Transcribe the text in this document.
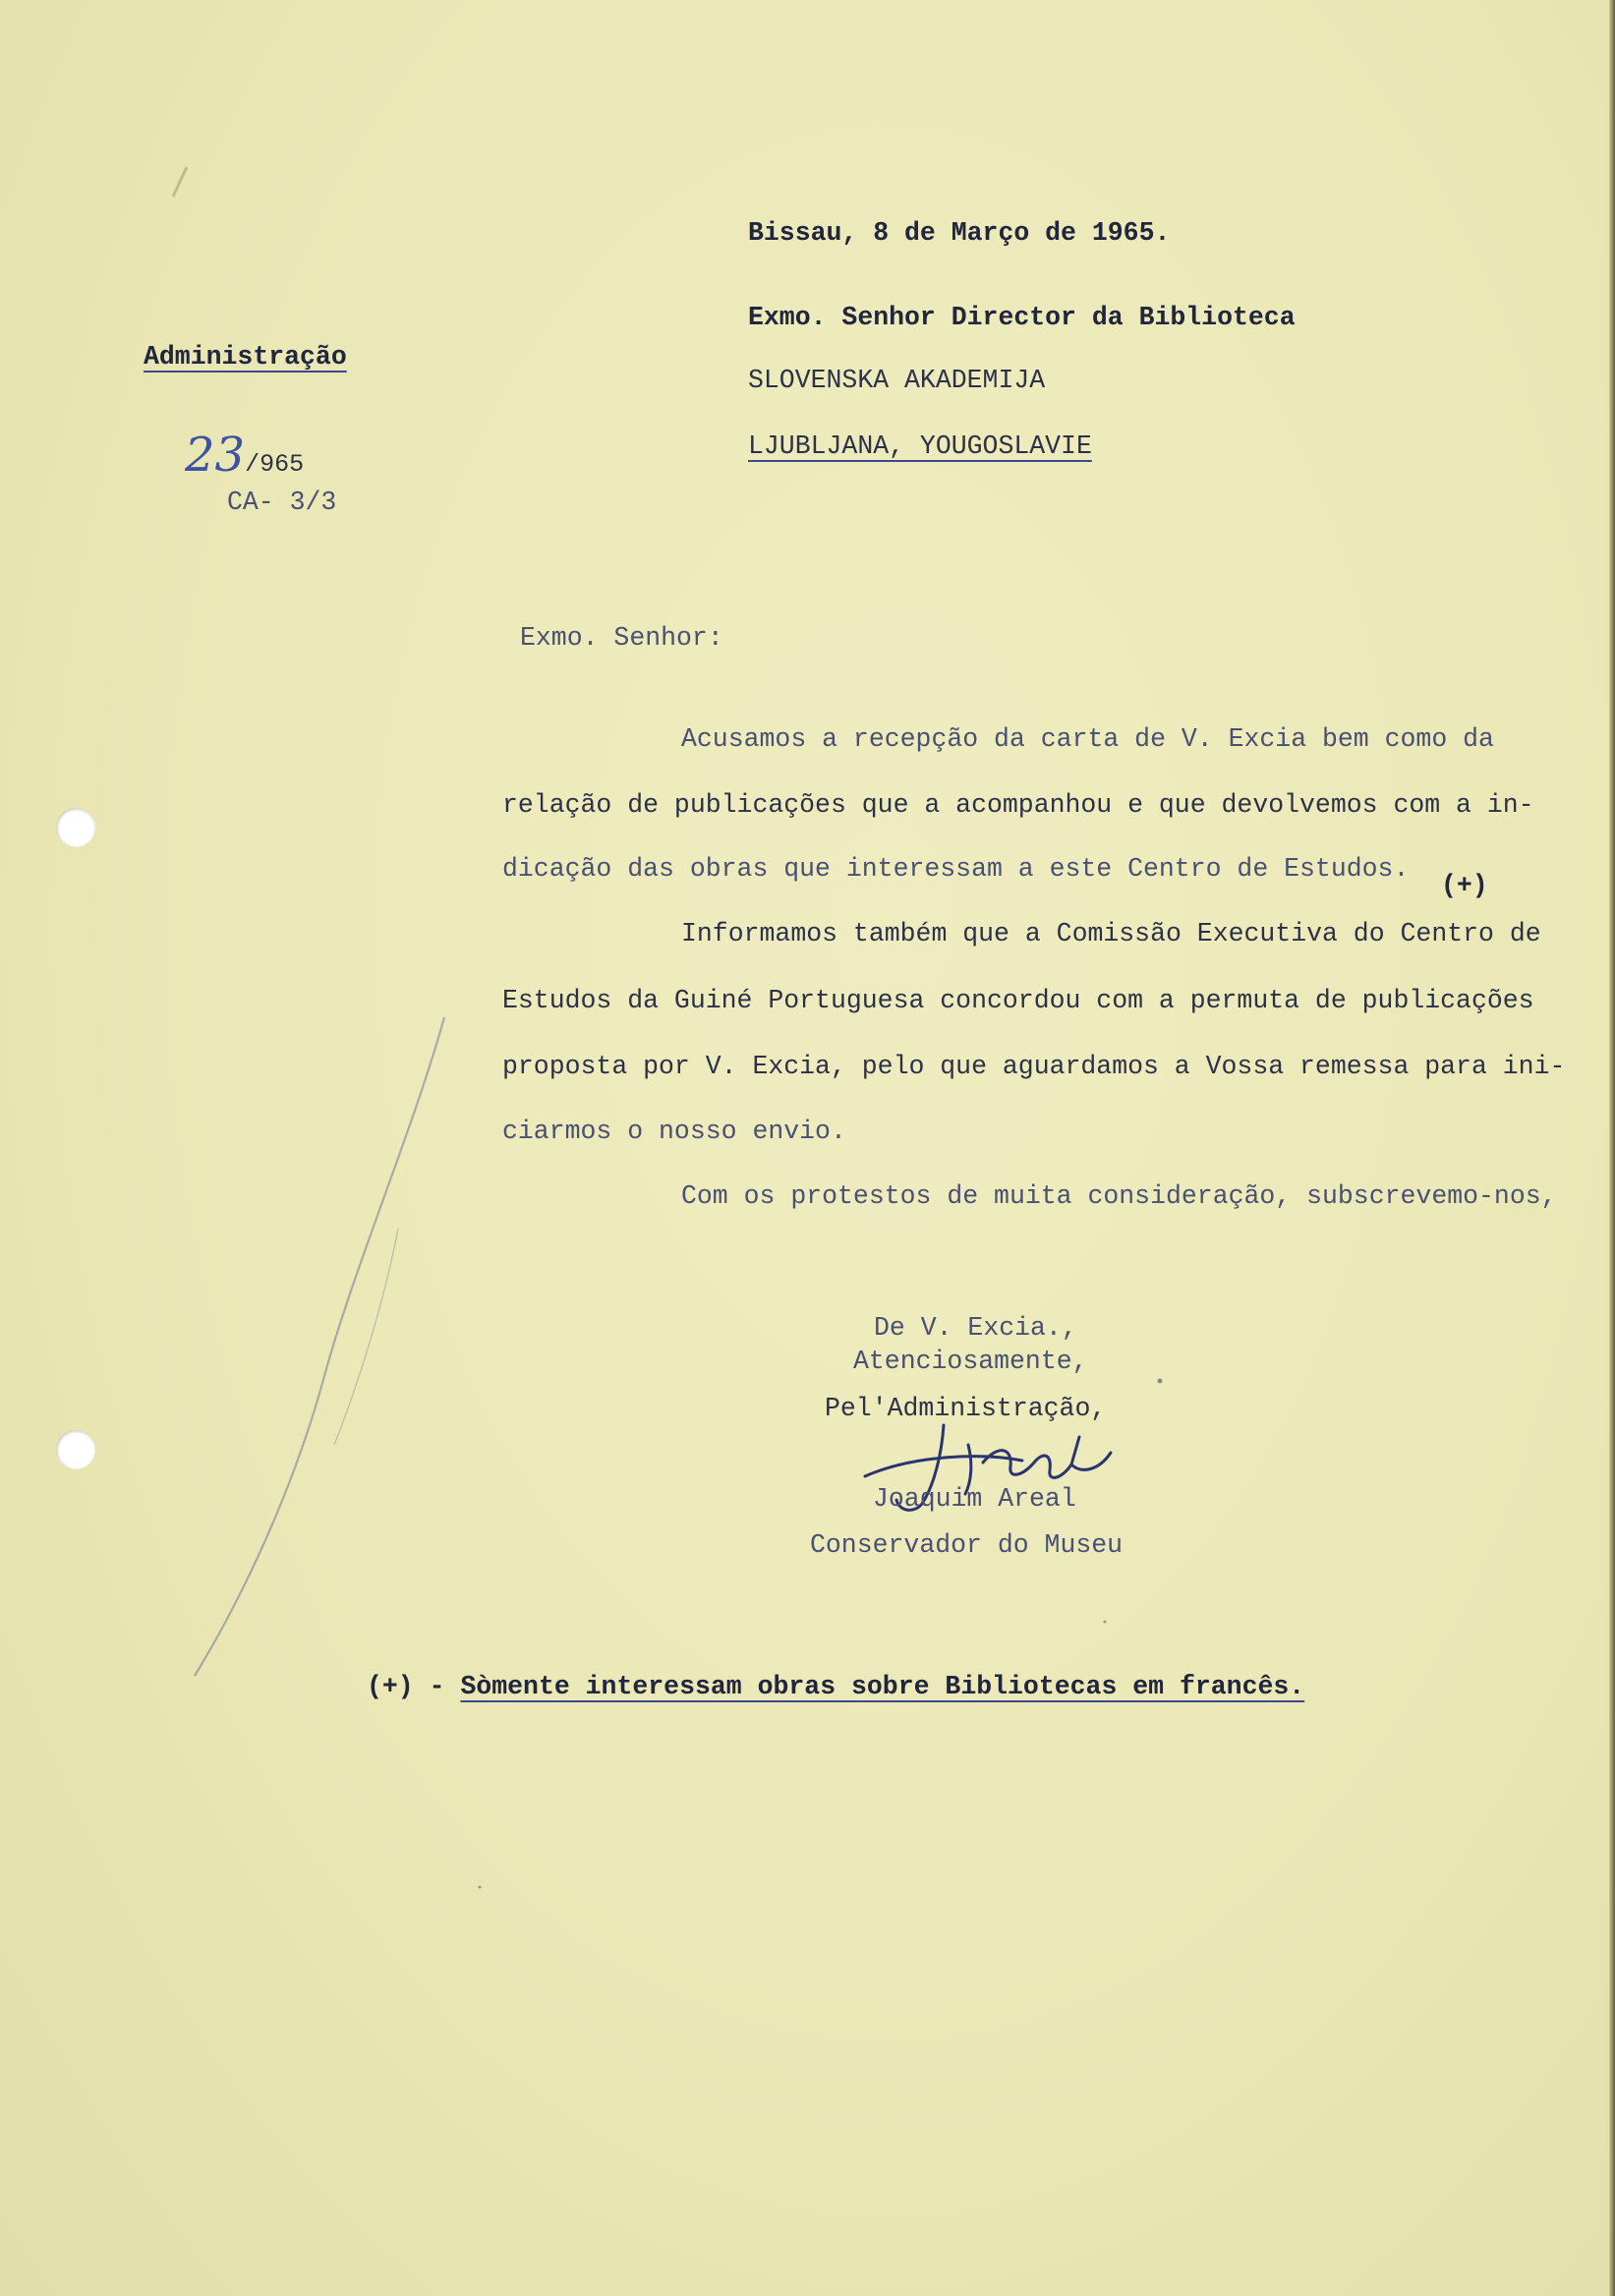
Administração

23/965

CA- 3/3
Bissau, 8 de Março de 1965.
Exmo. Senhor Director da Biblioteca
SLOVENSKA AKADEMIJA
LJUBLJANA, YOUGOSLAVIE
Exmo. Senhor:
Acusamos a recepção da carta de V. Excia bem como da
relação de publicações que a acompanhou e que devolvemos com a in-
dicação das obras que interessam a este Centro de Estudos.
(+)
Informamos também que a Comissão Executiva do Centro de
Estudos da Guiné Portuguesa concordou com a permuta de publicações
proposta por V. Excia, pelo que aguardamos a Vossa remessa para ini-
ciarmos o nosso envio.
Com os protestos de muita consideração, subscrevemo-nos,
De V. Excia.,
Atenciosamente,
Pel'Administração,
Joaquim Areal
Conservador do Museu

(+) - Sòmente interessam obras sobre Bibliotecas em francês.
